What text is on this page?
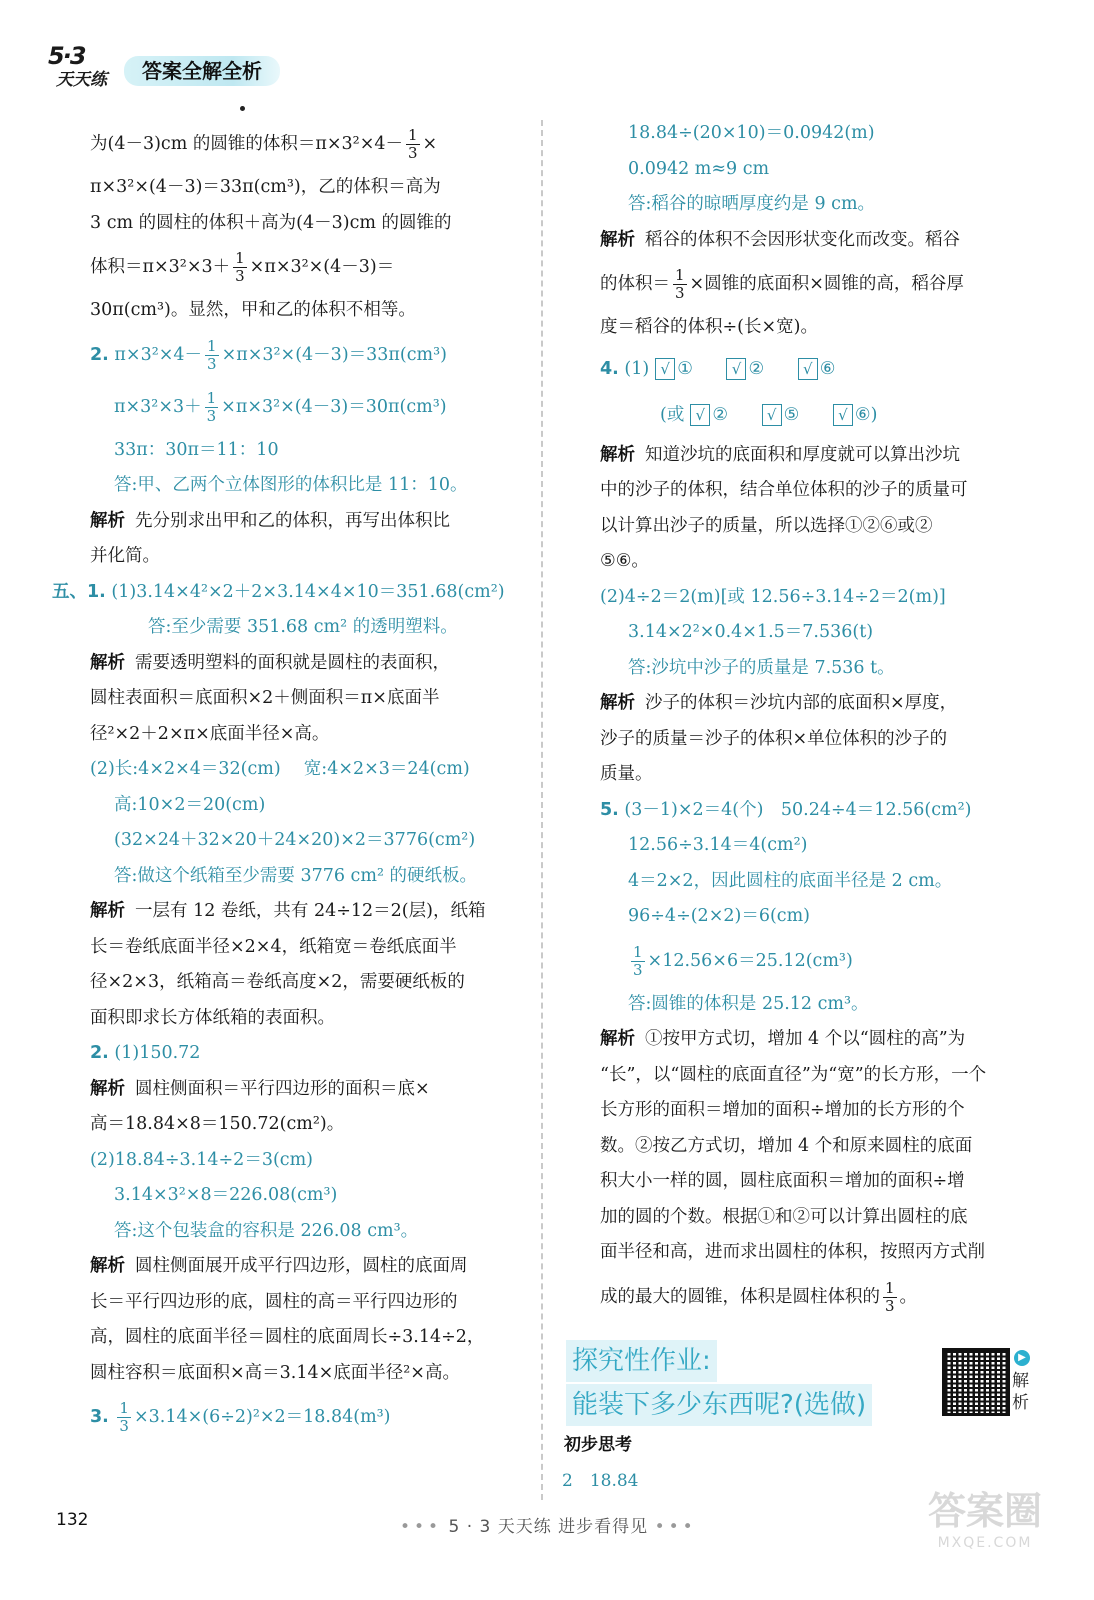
5·3
天天练	答案全解全析
为(4－3)cm 的圆锥的体积$=\pi\times 3^2\times 4- \frac{1}{3}$ ×
π×3²×(4－3)＝33π(cm³)，乙的体积＝高为
3 cm 的圆柱的体积＋高为(4－3)cm 的圆锥的
体积$=\pi\times 3^2\times 3+ \frac{1}{3} \times\pi\times 3^2\times(4-3)=$
30π(cm³)。显然，甲和乙的体积不相等。
2. $\pi\times 3^2\times 4- \frac{1}{3} \times\pi\times 3^2\times(4-3)=33\pi(cm^3)$
$\pi\times 3^2\times 3+ \frac{1}{3} \times\pi\times 3^2\times(4-3)=30\pi(cm^3)$
33π：30π＝11：10
答:甲、乙两个立体图形的体积比是 11：10。
解析 先分别求出甲和乙的体积，再写出体积比
并化简。
五、1. (1)3.14×4²×2＋2×3.14×4×10＝351.68(cm²)
答:至少需要 351.68 cm² 的透明塑料。
解析 需要透明塑料的面积就是圆柱的表面积，
圆柱表面积＝底面积×2＋侧面积＝π×底面半
径²×2＋2×π×底面半径×高。
(2)长:4×2×4＝32(cm)　 宽:4×2×3＝24(cm)
高:10×2＝20(cm)
(32×24＋32×20＋24×20)×2＝3776(cm²)
答:做这个纸箱至少需要 3776 cm² 的硬纸板。
解析 一层有 12 卷纸，共有 24÷12＝2(层)，纸箱
长＝卷纸底面半径×2×4，纸箱宽＝卷纸底面半
径×2×3，纸箱高＝卷纸高度×2，需要硬纸板的
面积即求长方体纸箱的表面积。
2. (1)150.72
解析 圆柱侧面积＝平行四边形的面积＝底×
高＝18.84×8＝150.72(cm²)。
(2)18.84÷3.14÷2＝3(cm)
3.14×3²×8＝226.08(cm³)
答:这个包装盒的容积是 226.08 cm³。
解析 圆柱侧面展开成平行四边形，圆柱的底面周
长＝平行四边形的底，圆柱的高＝平行四边形的
高，圆柱的底面半径＝圆柱的底面周长÷3.14÷2，
圆柱容积＝底面积×高＝3.14×底面半径²×高。
3. $\frac{1}{3} \times 3.14\times(6\div 2)^2\times 2=18.84(m^3)$
18.84÷(20×10)＝0.0942(m)
0.0942 m≈9 cm
答:稻谷的晾晒厚度约是 9 cm。
解析 稻谷的体积不会因形状变化而改变。稻谷
的体积＝ $\frac{1}{3}$ ×圆锥的底面积×圆锥的高，稻谷厚
度＝稻谷的体积÷(长×宽)。
4. (1) √ ①	√ ②	√ ⑥
(或 √ ②	√ ⑤	√ ⑥)
解析 知道沙坑的底面积和厚度就可以算出沙坑
中的沙子的体积，结合单位体积的沙子的质量可
以计算出沙子的质量，所以选择①②⑥或②
⑤⑥。
(2)4÷2＝2(m)[或 12.56÷3.14÷2＝2(m)]
3.14×2²×0.4×1.5＝7.536(t)
答:沙坑中沙子的质量是 7.536 t。
解析 沙子的体积＝沙坑内部的底面积×厚度，
沙子的质量＝沙子的体积×单位体积的沙子的
质量。
5. (3－1)×2＝4(个)　50.24÷4＝12.56(cm²)
12.56÷3.14＝4(cm²)
4＝2×2，因此圆柱的底面半径是 2 cm。
96÷4÷(2×2)＝6(cm)
$\frac{1}{3} \times 12.56\times 6=25.12(cm^3)$
答:圆锥的体积是 25.12 cm³。
解析 ①按甲方式切，增加 4 个以“圆柱的高”为
“长”，以“圆柱的底面直径”为“宽”的长方形，一个
长方形的面积＝增加的面积÷增加的长方形的个
数。②按乙方式切，增加 4 个和原来圆柱的底面
积大小一样的圆，圆柱底面积＝增加的面积÷增
加的圆的个数。根据①和②可以计算出圆柱的底
面半径和高，进而求出圆柱的体积，按照丙方式削
成的最大的圆锥，体积是圆柱体积的 $\frac{1}{3}$ 。
探究性作业:
能装下多少东西呢?(选做)
▶
解析
初步思考
2　18.84
132	••• 5 · 3 天天练 进步看得见 •••	答案圈
MXQE.COM
